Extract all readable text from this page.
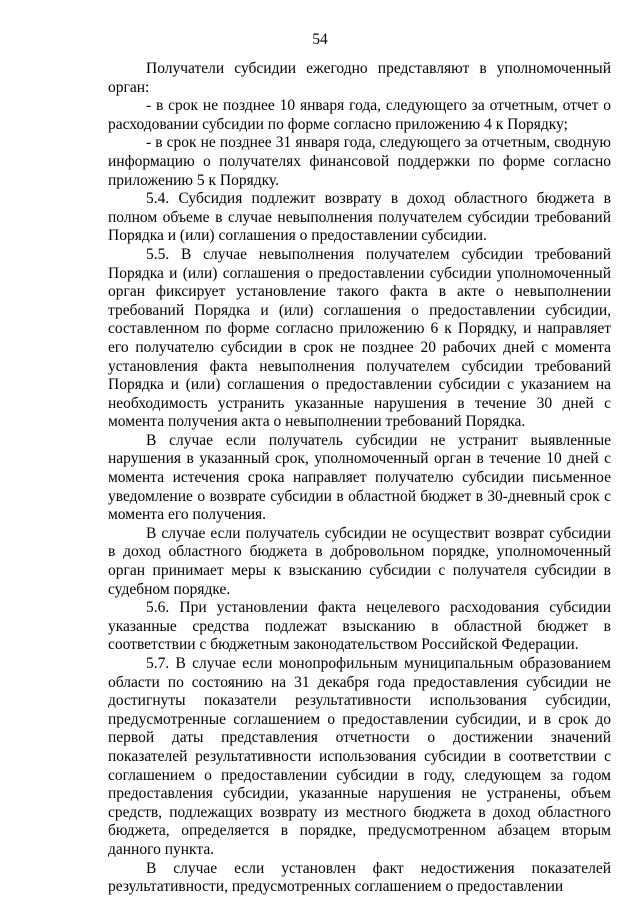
54

Получатели субсидии ежегодно представляют в уполномоченный орган:

- в срок не позднее 10 января года, следующего за отчетным, отчет о расходовании субсидии по форме согласно приложению 4 к Порядку;

- в срок не позднее 31 января года, следующего за отчетным, сводную информацию о получателях финансовой поддержки по форме согласно приложению 5 к Порядку.

5.4. Субсидия подлежит возврату в доход областного бюджета в полном объеме в случае невыполнения получателем субсидии требований Порядка и (или) соглашения о предоставлении субсидии.

5.5. В случае невыполнения получателем субсидии требований Порядка и (или) соглашения о предоставлении субсидии уполномоченный орган фиксирует установление такого факта в акте о невыполнении требований Порядка и (или) соглашения о предоставлении субсидии, составленном по форме согласно приложению 6 к Порядку, и направляет его получателю субсидии в срок не позднее 20 рабочих дней с момента установления факта невыполнения получателем субсидии требований Порядка и (или) соглашения о предоставлении субсидии с указанием на необходимость устранить указанные нарушения в течение 30 дней с момента получения акта о невыполнении требований Порядка.

В случае если получатель субсидии не устранит выявленные нарушения в указанный срок, уполномоченный орган в течение 10 дней с момента истечения срока направляет получателю субсидии письменное уведомление о возврате субсидии в областной бюджет в 30-дневный срок с момента его получения.

В случае если получатель субсидии не осуществит возврат субсидии в доход областного бюджета в добровольном порядке, уполномоченный орган принимает меры к взысканию субсидии с получателя субсидии в судебном порядке.

5.6. При установлении факта нецелевого расходования субсидии указанные средства подлежат взысканию в областной бюджет в соответствии с бюджетным законодательством Российской Федерации.

5.7. В случае если монопрофильным муниципальным образованием области по состоянию на 31 декабря года предоставления субсидии не достигнуты показатели результативности использования субсидии, предусмотренные соглашением о предоставлении субсидии, и в срок до первой даты представления отчетности о достижении значений показателей результативности использования субсидии в соответствии с соглашением о предоставлении субсидии в году, следующем за годом предоставления субсидии, указанные нарушения не устранены, объем средств, подлежащих возврату из местного бюджета в доход областного бюджета, определяется в порядке, предусмотренном абзацем вторым данного пункта.

В случае если установлен факт недостижения показателей результативности, предусмотренных соглашением о предоставлении
